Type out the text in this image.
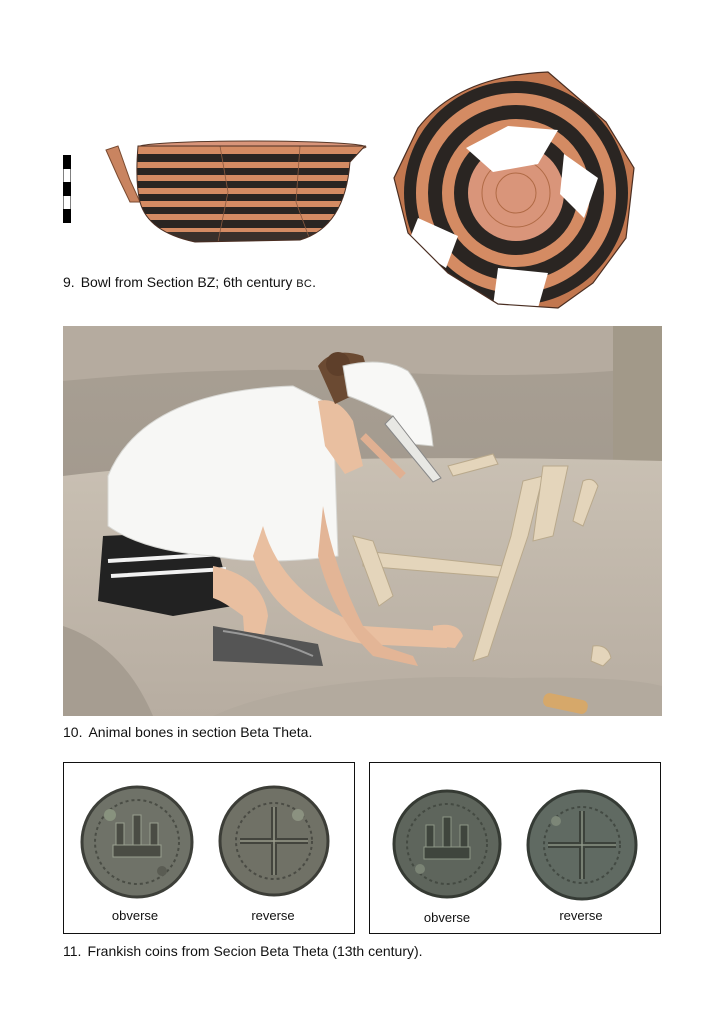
9. Bowl from Section BZ; 6th century BC.
10. Animal bones in section Beta Theta.
obverse	reverse	obverse	reverse
11. Frankish coins from Secion Beta Theta (13th century).
